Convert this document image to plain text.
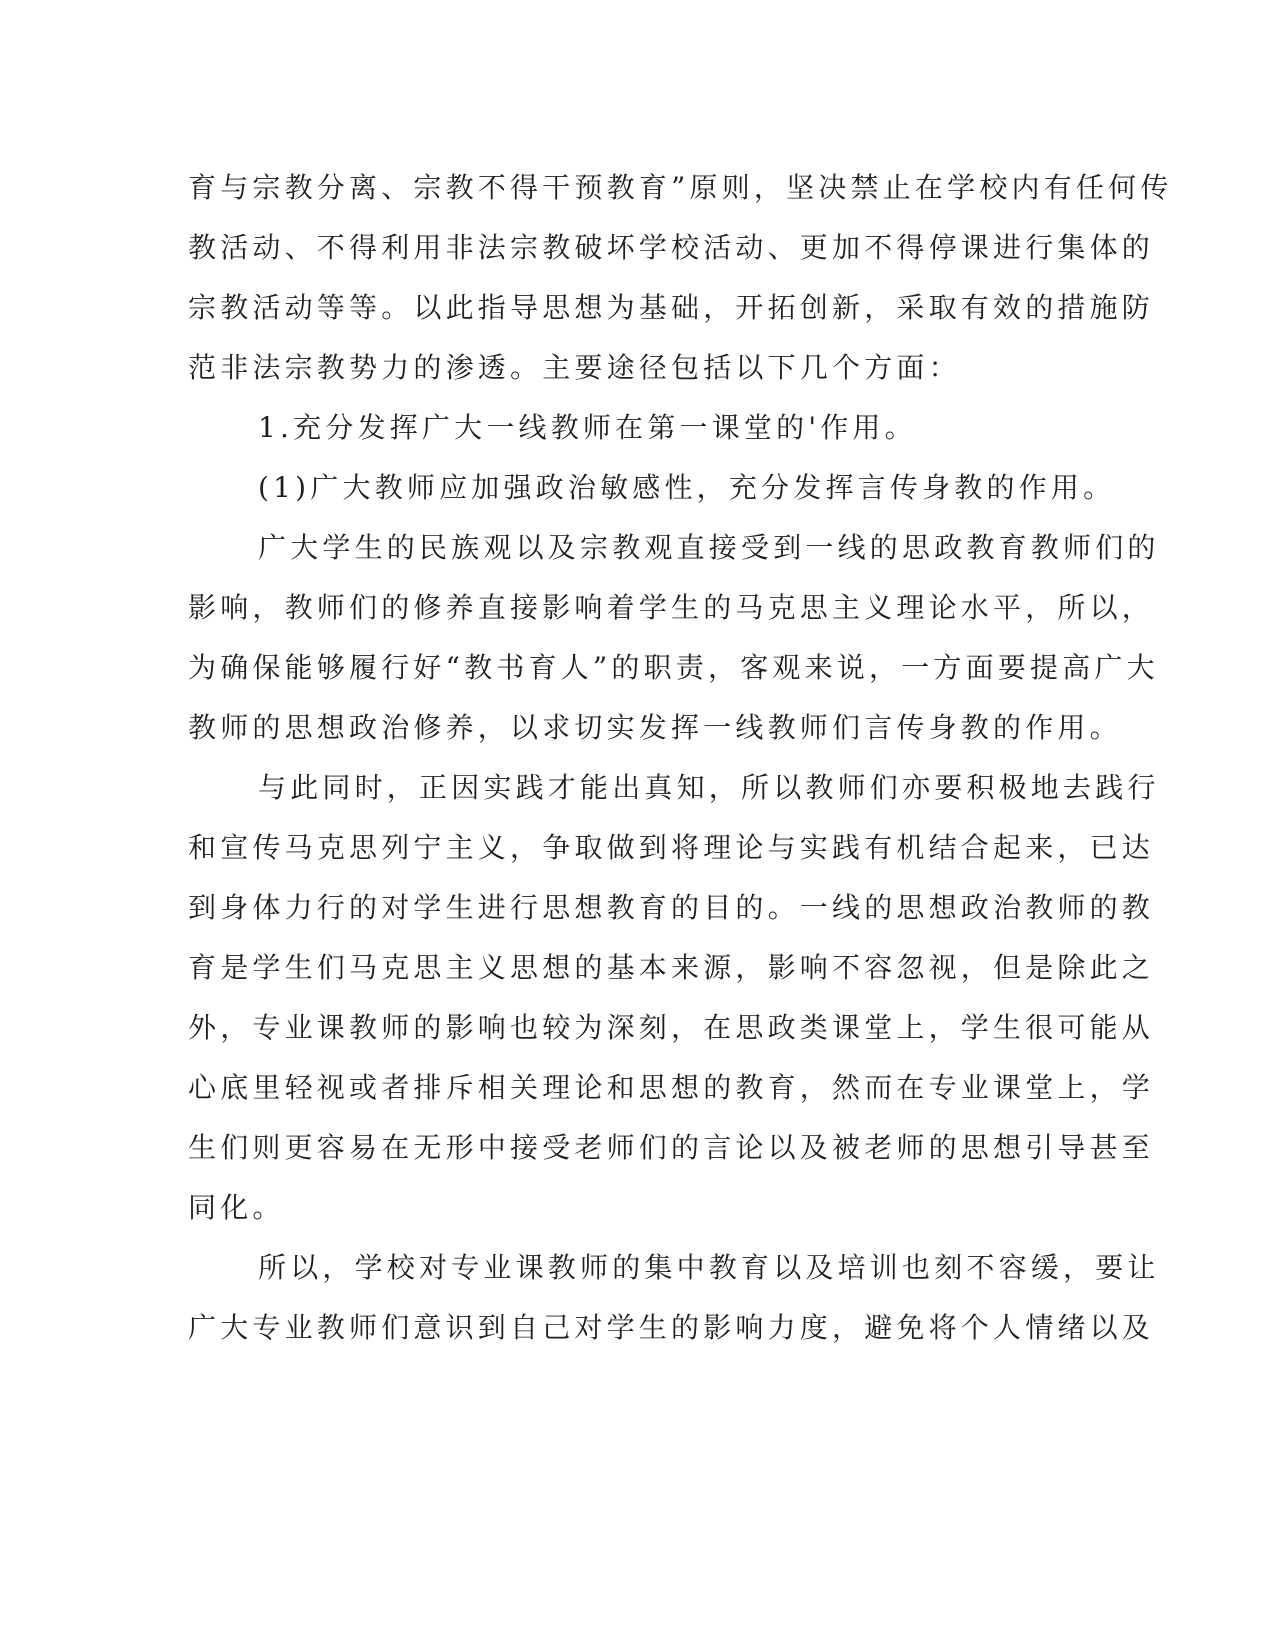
育与宗教分离、宗教不得干预教育”原则，坚决禁止在学校内有任何传
教活动、不得利用非法宗教破坏学校活动、更加不得停课进行集体的
宗教活动等等。以此指导思想为基础，开拓创新，采取有效的措施防
范非法宗教势力的渗透。主要途径包括以下几个方面：
1.充分发挥广大一线教师在第一课堂的'作用。
(1)广大教师应加强政治敏感性，充分发挥言传身教的作用。
广大学生的民族观以及宗教观直接受到一线的思政教育教师们的
影响，教师们的修养直接影响着学生的马克思主义理论水平，所以，
为确保能够履行好“教书育人”的职责，客观来说，一方面要提高广大
教师的思想政治修养，以求切实发挥一线教师们言传身教的作用。
与此同时，正因实践才能出真知，所以教师们亦要积极地去践行
和宣传马克思列宁主义，争取做到将理论与实践有机结合起来，已达
到身体力行的对学生进行思想教育的目的。一线的思想政治教师的教
育是学生们马克思主义思想的基本来源，影响不容忽视，但是除此之
外，专业课教师的影响也较为深刻，在思政类课堂上，学生很可能从
心底里轻视或者排斥相关理论和思想的教育，然而在专业课堂上，学
生们则更容易在无形中接受老师们的言论以及被老师的思想引导甚至
同化。
所以，学校对专业课教师的集中教育以及培训也刻不容缓，要让
广大专业教师们意识到自己对学生的影响力度，避免将个人情绪以及
